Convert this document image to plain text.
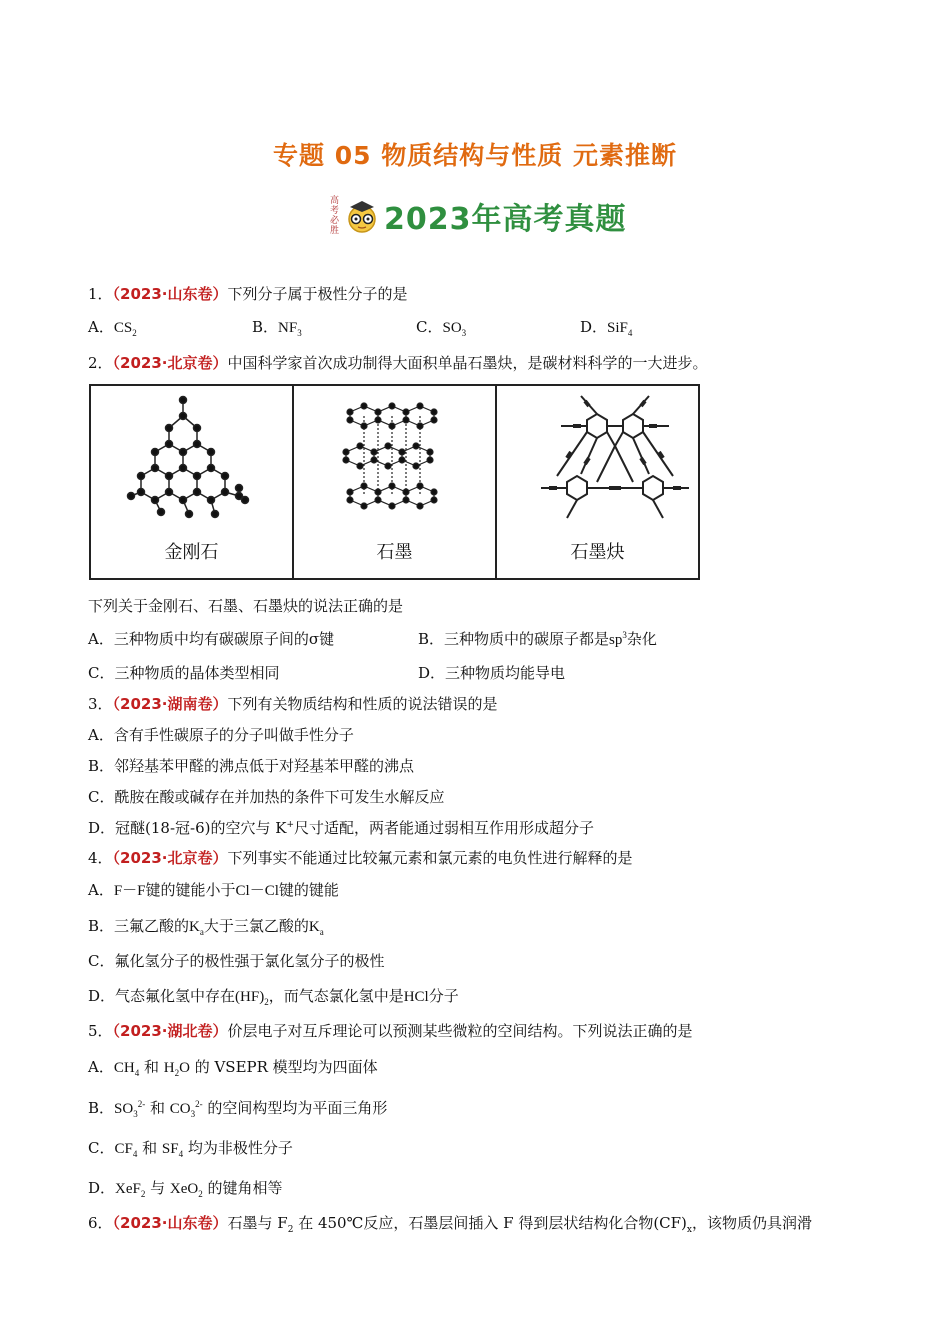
专题 05 物质结构与性质 元素推断
高考必胜 2023年高考真题
1．（2023·山东卷）下列分子属于极性分子的是
A．$CS_2$	B．$NF_3$	C．$SO_3$	D．SiF$_4$
2．（2023·北京卷）中国科学家首次成功制得大面积单晶石墨炔，是碳材料科学的一大进步。
金刚石	石墨	石墨炔
下列关于金刚石、石墨、石墨炔的说法正确的是
A．三种物质中均有碳碳原子间的σ键	B．三种物质中的碳原子都是$sp^3$杂化
C．三种物质的晶体类型相同	D．三种物质均能导电
3．（2023·湖南卷）下列有关物质结构和性质的说法错误的是
A．含有手性碳原子的分子叫做手性分子
B．邻羟基苯甲醛的沸点低于对羟基苯甲醛的沸点
C．酰胺在酸或碱存在并加热的条件下可发生水解反应
D．冠醚(18-冠-6)的空穴与 K+尺寸适配，两者能通过弱相互作用形成超分子
4．（2023·北京卷）下列事实不能通过比较氟元素和氯元素的电负性进行解释的是
A．F－F键的键能小于Cl－Cl键的键能
B．三氟乙酸的$K_a$大于三氯乙酸的$K_a$
C．氟化氢分子的极性强于氯化氢分子的极性
D．气态氟化氢中存在$(HF)_2$，而气态氯化氢中是HCl分子
5．（2023·湖北卷）价层电子对互斥理论可以预测某些微粒的空间结构。下列说法正确的是
A．$CH_4$ 和 $H_2O$ 的 VSEPR 模型均为四面体
B．$SO_3^{2-}$ 和 $CO_3^{2-}$ 的空间构型均为平面三角形
C．$CF_4$ 和 $SF_4$ 均为非极性分子
D．XeF$_2$ 与 XeO$_2$ 的键角相等
6．（2023·山东卷）石墨与 $F_2$ 在 450℃反应，石墨层间插入 F 得到层状结构化合物$(CF)_x$，该物质仍具润滑
